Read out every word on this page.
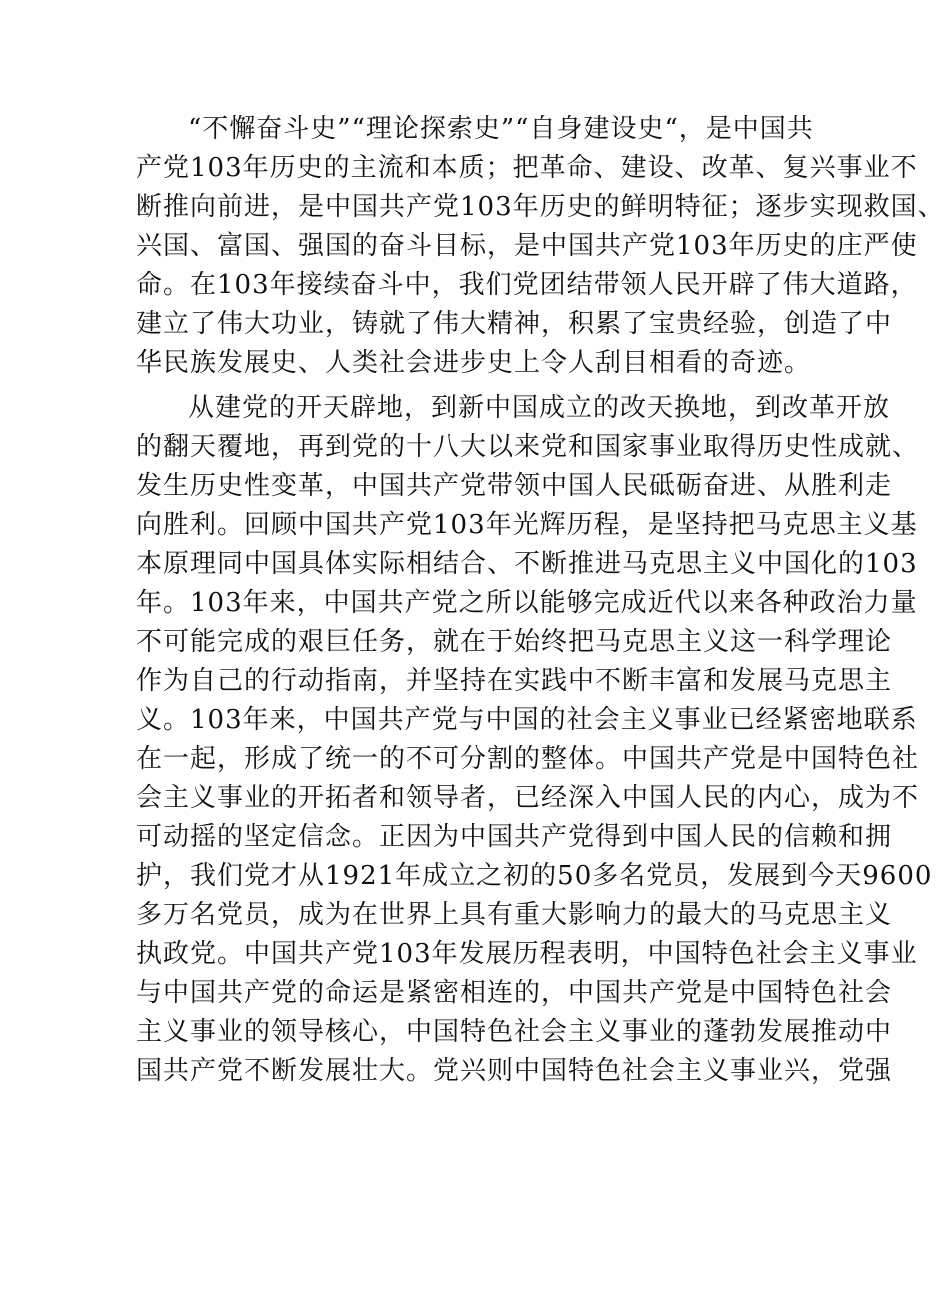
“不懈奋斗史”“理论探索史”“自身建设史“，是中国共
产党103年历史的主流和本质；把革命、建设、改革、复兴事业不
断推向前进，是中国共产党103年历史的鲜明特征；逐步实现救国、
兴国、富国、强国的奋斗目标，是中国共产党103年历史的庄严使
命。在103年接续奋斗中，我们党团结带领人民开辟了伟大道路，
建立了伟大功业，铸就了伟大精神，积累了宝贵经验，创造了中
华民族发展史、人类社会进步史上令人刮目相看的奇迹。
从建党的开天辟地，到新中国成立的改天换地，到改革开放
的翻天覆地，再到党的十八大以来党和国家事业取得历史性成就、
发生历史性变革，中国共产党带领中国人民砥砺奋进、从胜利走
向胜利。回顾中国共产党103年光辉历程，是坚持把马克思主义基
本原理同中国具体实际相结合、不断推进马克思主义中国化的103
年。103年来，中国共产党之所以能够完成近代以来各种政治力量
不可能完成的艰巨任务，就在于始终把马克思主义这一科学理论
作为自己的行动指南，并坚持在实践中不断丰富和发展马克思主
义。103年来，中国共产党与中国的社会主义事业已经紧密地联系
在一起，形成了统一的不可分割的整体。中国共产党是中国特色社
会主义事业的开拓者和领导者，已经深入中国人民的内心，成为不
可动摇的坚定信念。正因为中国共产党得到中国人民的信赖和拥
护，我们党才从1921年成立之初的50多名党员，发展到今天9600
多万名党员，成为在世界上具有重大影响力的最大的马克思主义
执政党。中国共产党103年发展历程表明，中国特色社会主义事业
与中国共产党的命运是紧密相连的，中国共产党是中国特色社会
主义事业的领导核心，中国特色社会主义事业的蓬勃发展推动中
国共产党不断发展壮大。党兴则中国特色社会主义事业兴，党强
